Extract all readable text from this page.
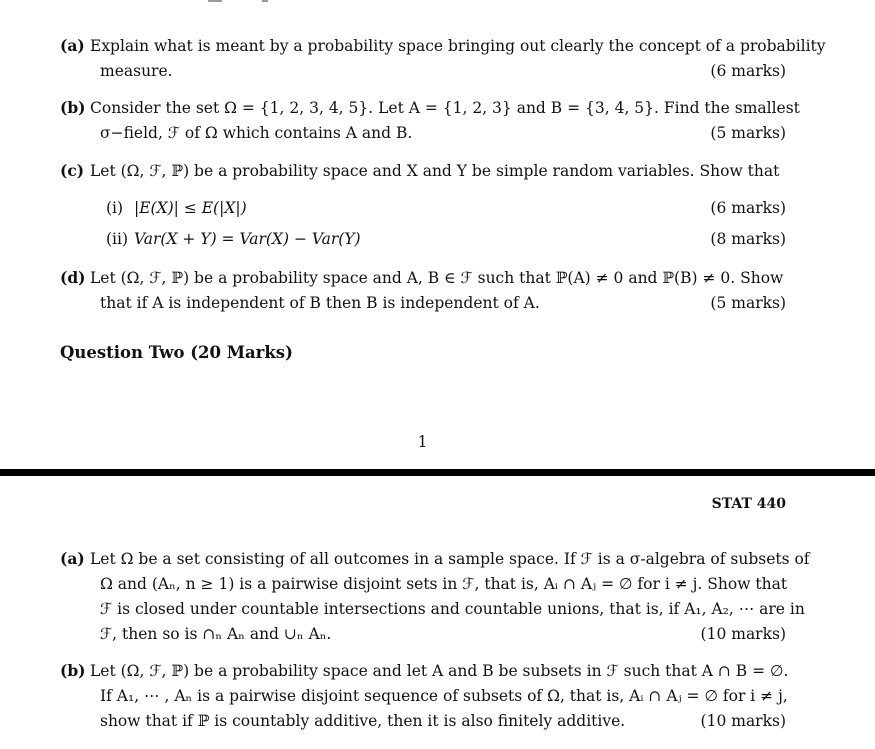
(a) Explain what is meant by a probability space bringing out clearly the concept of a probability
measure.	(6 marks)
(b) Consider the set Ω = {1, 2, 3, 4, 5}. Let A = {1, 2, 3} and B = {3, 4, 5}. Find the smallest
σ−field, ℱ of Ω which contains A and B.	(5 marks)
(c) Let (Ω, ℱ, ℙ) be a probability space and X and Y be simple random variables. Show that
(i) |E(X)| ≤ E(|X|)	(6 marks)
(ii) Var(X + Y) = Var(X) − Var(Y)	(8 marks)
(d) Let (Ω, ℱ, ℙ) be a probability space and A, B ∈ ℱ such that ℙ(A) ≠ 0 and ℙ(B) ≠ 0. Show
that if A is independent of B then B is independent of A.	(5 marks)
Question Two (20 Marks)
1
STAT 440
(a) Let Ω be a set consisting of all outcomes in a sample space. If ℱ is a σ-algebra of subsets of
Ω and (Aₙ, n ≥ 1) is a pairwise disjoint sets in ℱ, that is, Aᵢ ∩ Aⱼ = ∅ for i ≠ j. Show that
ℱ is closed under countable intersections and countable unions, that is, if A₁, A₂, ⋯ are in
ℱ, then so is ∩ₙ Aₙ and ∪ₙ Aₙ.	(10 marks)
(b) Let (Ω, ℱ, ℙ) be a probability space and let A and B be subsets in ℱ such that A ∩ B = ∅.
If A₁, ⋯ , Aₙ is a pairwise disjoint sequence of subsets of Ω, that is, Aᵢ ∩ Aⱼ = ∅ for i ≠ j,
show that if ℙ is countably additive, then it is also finitely additive.	(10 marks)
